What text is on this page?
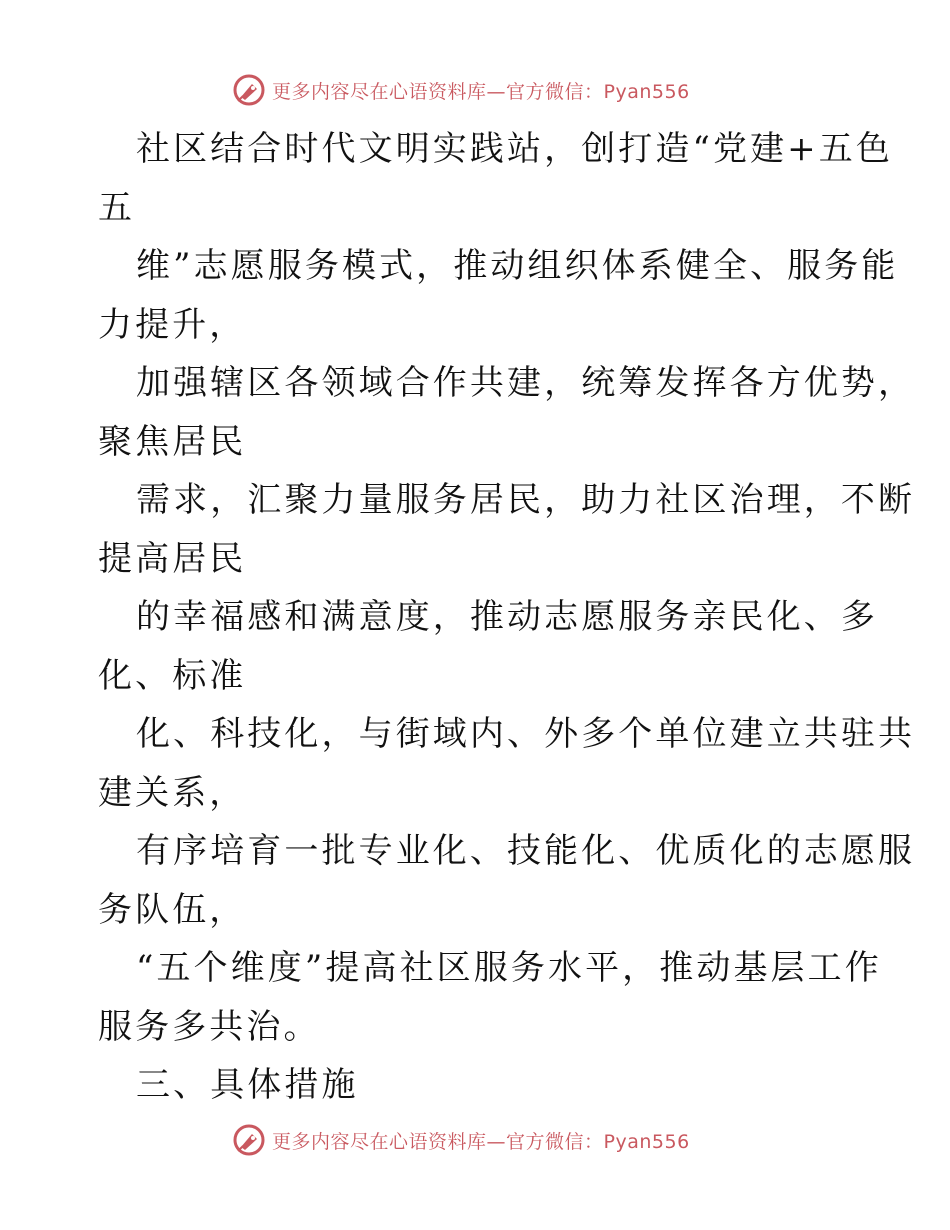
更多内容尽在心语资料库—官方微信：Pyan556
社区结合时代文明实践站，创打造“党建+五色
五
维”志愿服务模式，推动组织体系健全、服务能
力提升，
加强辖区各领域合作共建，统筹发挥各方优势，
聚焦居民
需求，汇聚力量服务居民，助力社区治理，不断
提高居民
的幸福感和满意度，推动志愿服务亲民化、多
化、标准
化、科技化，与街域内、外多个单位建立共驻共
建关系，
有序培育一批专业化、技能化、优质化的志愿服
务队伍，
“五个维度”提高社区服务水平，推动基层工作
服务多共治。
三、具体措施
更多内容尽在心语资料库—官方微信：Pyan556
